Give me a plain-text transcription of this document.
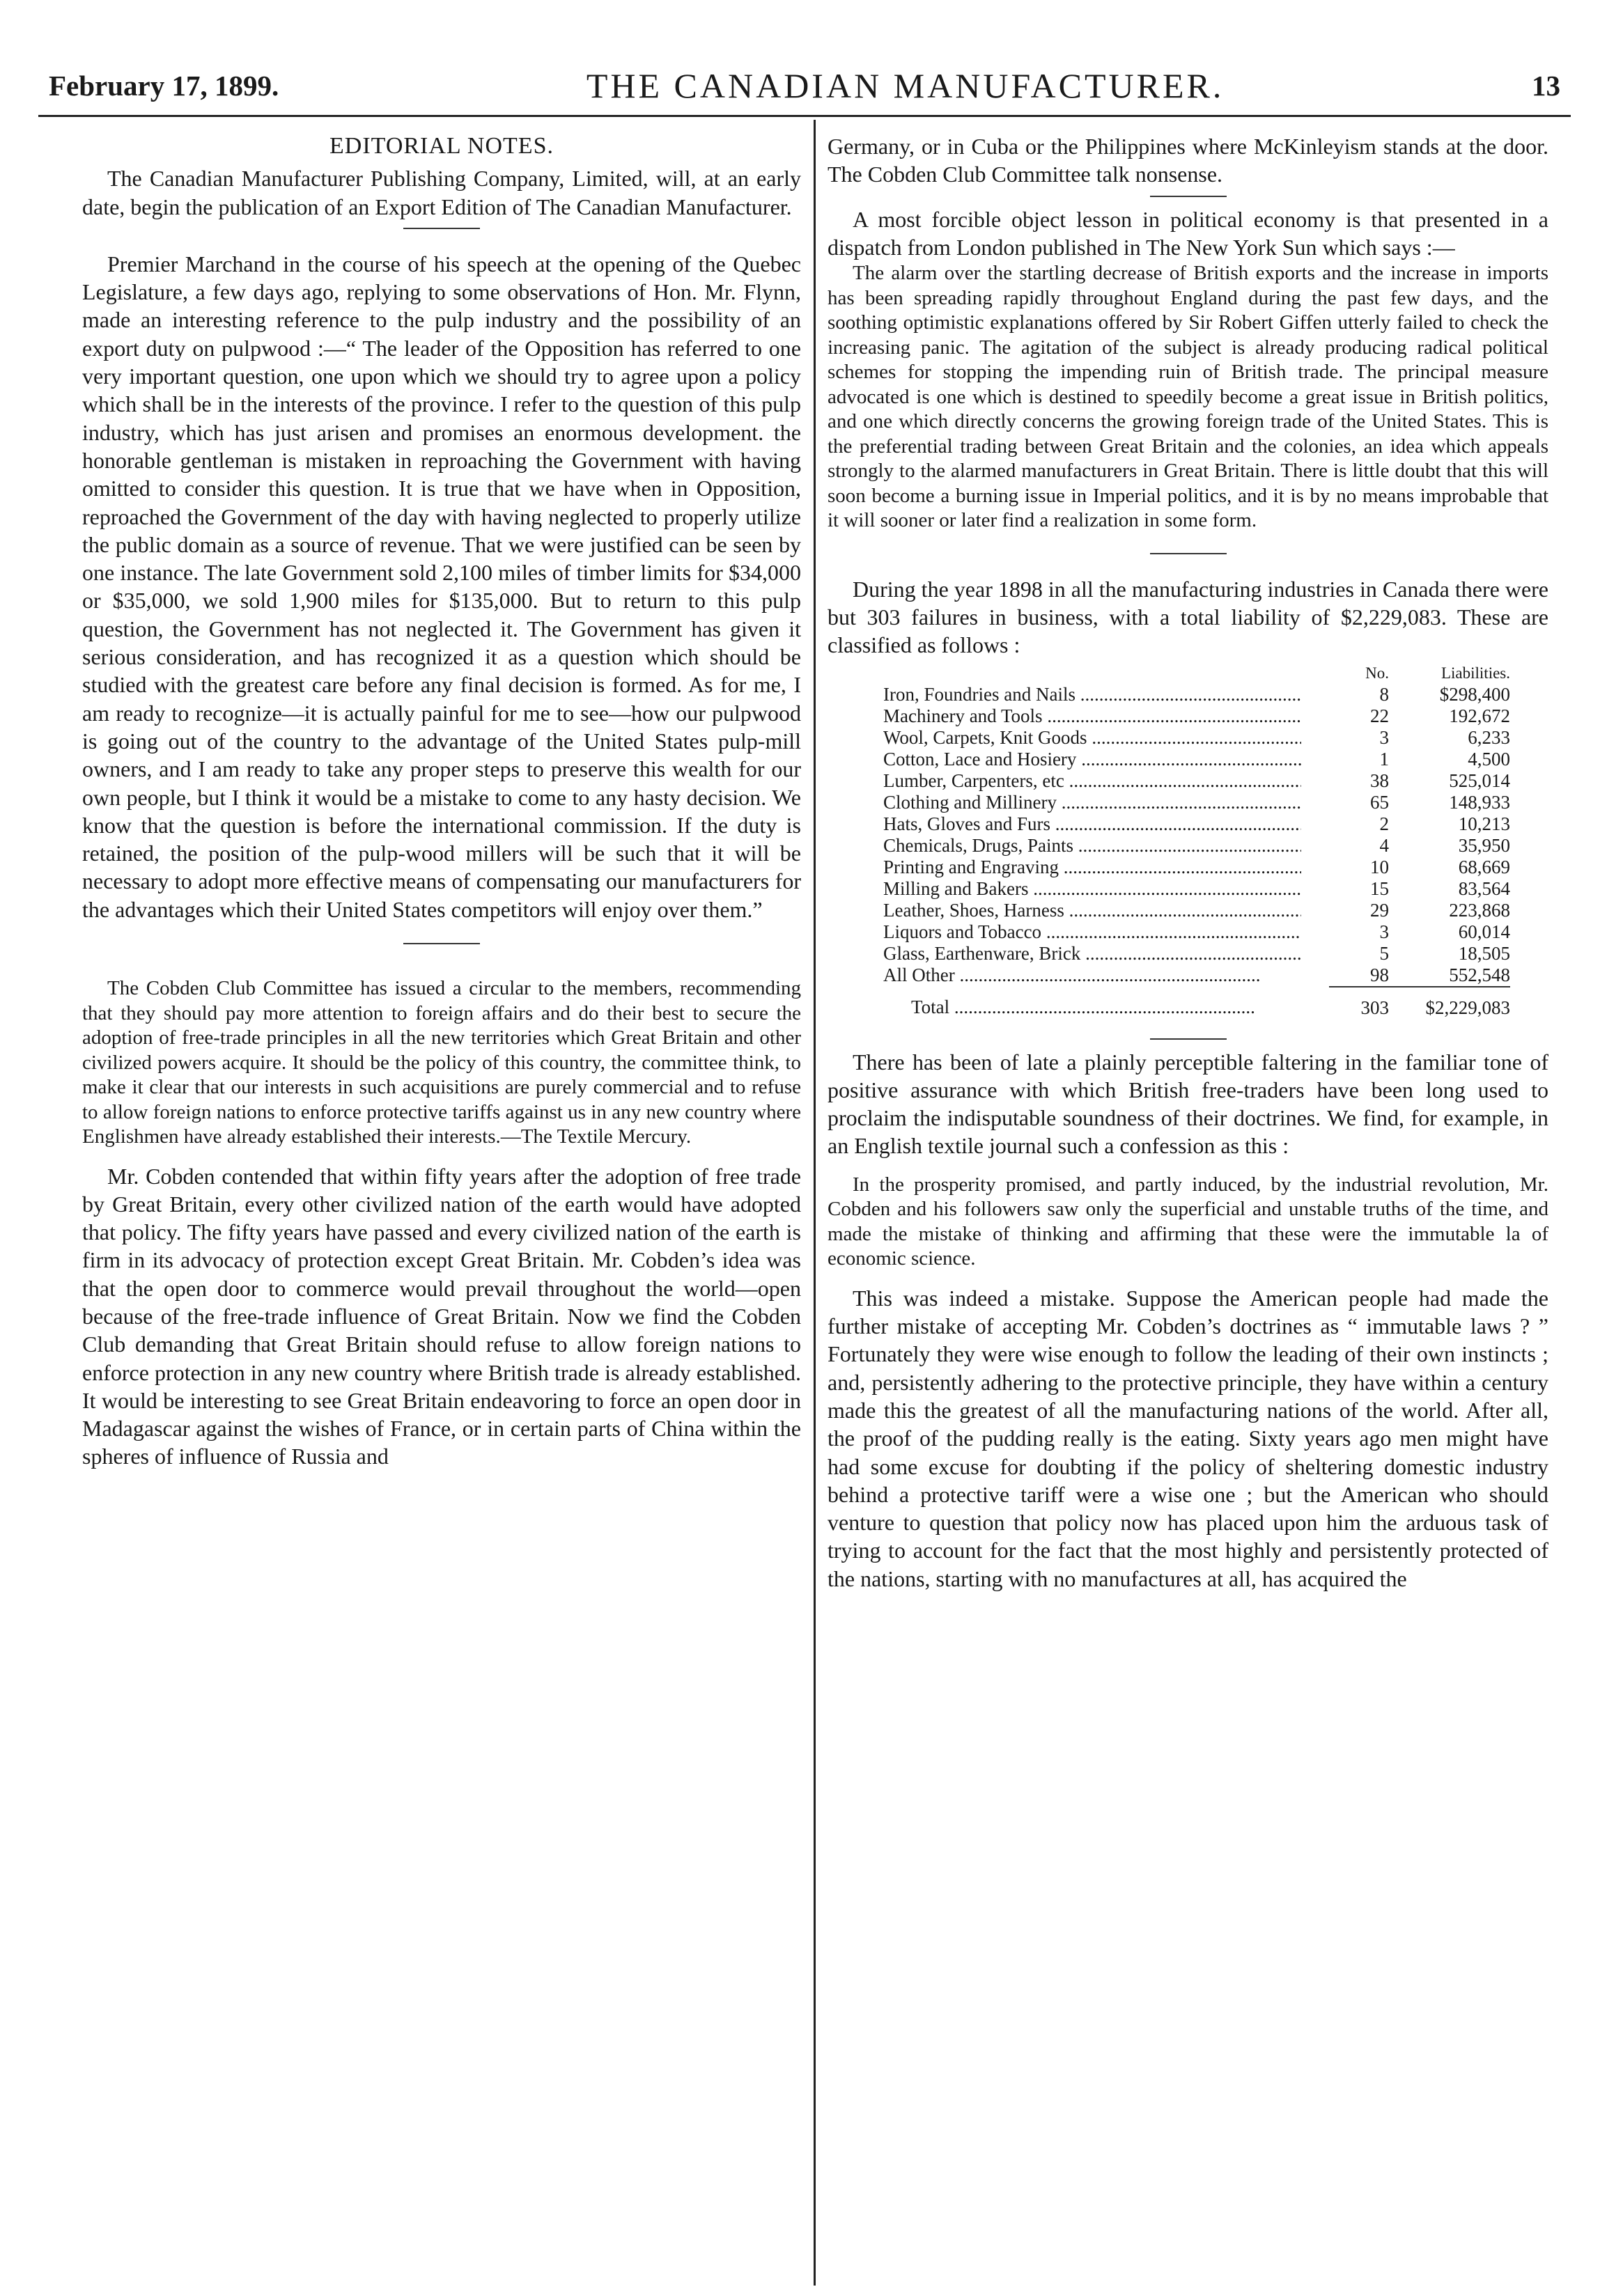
February 17, 1899.	THE CANADIAN MANUFACTURER.	13
EDITORIAL NOTES.

The Canadian Manufacturer Publishing Company, Limited, will, at an early date, begin the publication of an Export Edition of The Canadian Manufacturer.

Premier Marchand in the course of his speech at the opening of the Quebec Legislature, a few days ago, replying to some observations of Hon. Mr. Flynn, made an interesting reference to the pulp industry and the possibility of an export duty on pulpwood :—“ The leader of the Opposition has referred to one very important question, one upon which we should try to agree upon a policy which shall be in the interests of the province. I refer to the question of this pulp industry, which has just arisen and promises an enormous development. the honorable gentleman is mistaken in reproaching the Government with having omitted to consider this question. It is true that we have when in Opposition, reproached the Government of the day with having neglected to properly utilize the public domain as a source of revenue. That we were justified can be seen by one instance. The late Government sold 2,100 miles of timber limits for $34,000 or $35,000, we sold 1,900 miles for $135,000. But to return to this pulp question, the Government has not neglected it. The Government has given it serious consideration, and has recognized it as a question which should be studied with the greatest care before any final decision is formed. As for me, I am ready to recognize—it is actually painful for me to see—how our pulpwood is going out of the country to the advantage of the United States pulp-mill owners, and I am ready to take any proper steps to preserve this wealth for our own people, but I think it would be a mistake to come to any hasty decision. We know that the question is before the international commission. If the duty is retained, the position of the pulp-wood millers will be such that it will be necessary to adopt more effective means of compensating our manufacturers for the advantages which their United States competitors will enjoy over them.”

The Cobden Club Committee has issued a circular to the members, recommending that they should pay more attention to foreign affairs and do their best to secure the adoption of free-trade principles in all the new territories which Great Britain and other civilized powers acquire. It should be the policy of this country, the committee think, to make it clear that our interests in such acquisitions are purely commercial and to refuse to allow foreign nations to enforce protective tariffs against us in any new country where Englishmen have already established their interests.—The Textile Mercury.

Mr. Cobden contended that within fifty years after the adoption of free trade by Great Britain, every other civilized nation of the earth would have adopted that policy. The fifty years have passed and every civilized nation of the earth is firm in its advocacy of protection except Great Britain. Mr. Cobden’s idea was that the open door to commerce would prevail throughout the world—open because of the free-trade influence of Great Britain. Now we find the Cobden Club demanding that Great Britain should refuse to allow foreign nations to enforce protection in any new country where British trade is already established. It would be interesting to see Great Britain endeavoring to force an open door in Madagascar against the wishes of France, or in certain parts of China within the spheres of influence of Russia and

Germany, or in Cuba or the Philippines where McKinleyism stands at the door. The Cobden Club Committee talk nonsense.

A most forcible object lesson in political economy is that presented in a dispatch from London published in The New York Sun which says :—

The alarm over the startling decrease of British exports and the increase in imports has been spreading rapidly throughout England during the past few days, and the soothing optimistic explanations offered by Sir Robert Giffen utterly failed to check the increasing panic. The agitation of the subject is already producing radical political schemes for stopping the impending ruin of British trade. The principal measure advocated is one which is destined to speedily become a great issue in British politics, and one which directly concerns the growing foreign trade of the United States. This is the preferential trading between Great Britain and the colonies, an idea which appeals strongly to the alarmed manufacturers in Great Britain. There is little doubt that this will soon become a burning issue in Imperial politics, and it is by no means improbable that it will sooner or later find a realization in some form.

During the year 1898 in all the manufacturing industries in Canada there were but 303 failures in business, with a total liability of $2,229,083. These are classified as follows :

	No.	Liabilities.

Iron, Foundries and Nails .....	8	$298,400

Machinery and Tools .....	22	192,672

Wool, Carpets, Knit Goods .....	3	6,233

Cotton, Lace and Hosiery .....	1	4,500

Lumber, Carpenters, etc .....	38	525,014

Clothing and Millinery .....	65	148,933

Hats, Gloves and Furs .....	2	10,213

Chemicals, Drugs, Paints .....	4	35,950

Printing and Engraving .....	10	68,669

Milling and Bakers .....	15	83,564

Leather, Shoes, Harness .....	29	223,868

Liquors and Tobacco .....	3	60,014

Glass, Earthenware, Brick .....	5	18,505

All Other .....	98	552,548

Total .....	303	$2,229,083

There has been of late a plainly perceptible faltering in the familiar tone of positive assurance with which British free-traders have been long used to proclaim the indisputable soundness of their doctrines. We find, for example, in an English textile journal such a confession as this :

In the prosperity promised, and partly induced, by the industrial revolution, Mr. Cobden and his followers saw only the superficial and unstable truths of the time, and made the mistake of thinking and affirming that these were the immutable la of economic science.

This was indeed a mistake. Suppose the American people had made the further mistake of accepting Mr. Cobden’s doctrines as “ immutable laws ? ” Fortunately they were wise enough to follow the leading of their own instincts ; and, persistently adhering to the protective principle, they have within a century made this the greatest of all the manufacturing nations of the world. After all, the proof of the pudding really is the eating. Sixty years ago men might have had some excuse for doubting if the policy of sheltering domestic industry behind a protective tariff were a wise one ; but the American who should venture to question that policy now has placed upon him the arduous task of trying to account for the fact that the most highly and persistently protected of the nations, starting with no manufactures at all, has acquired the
